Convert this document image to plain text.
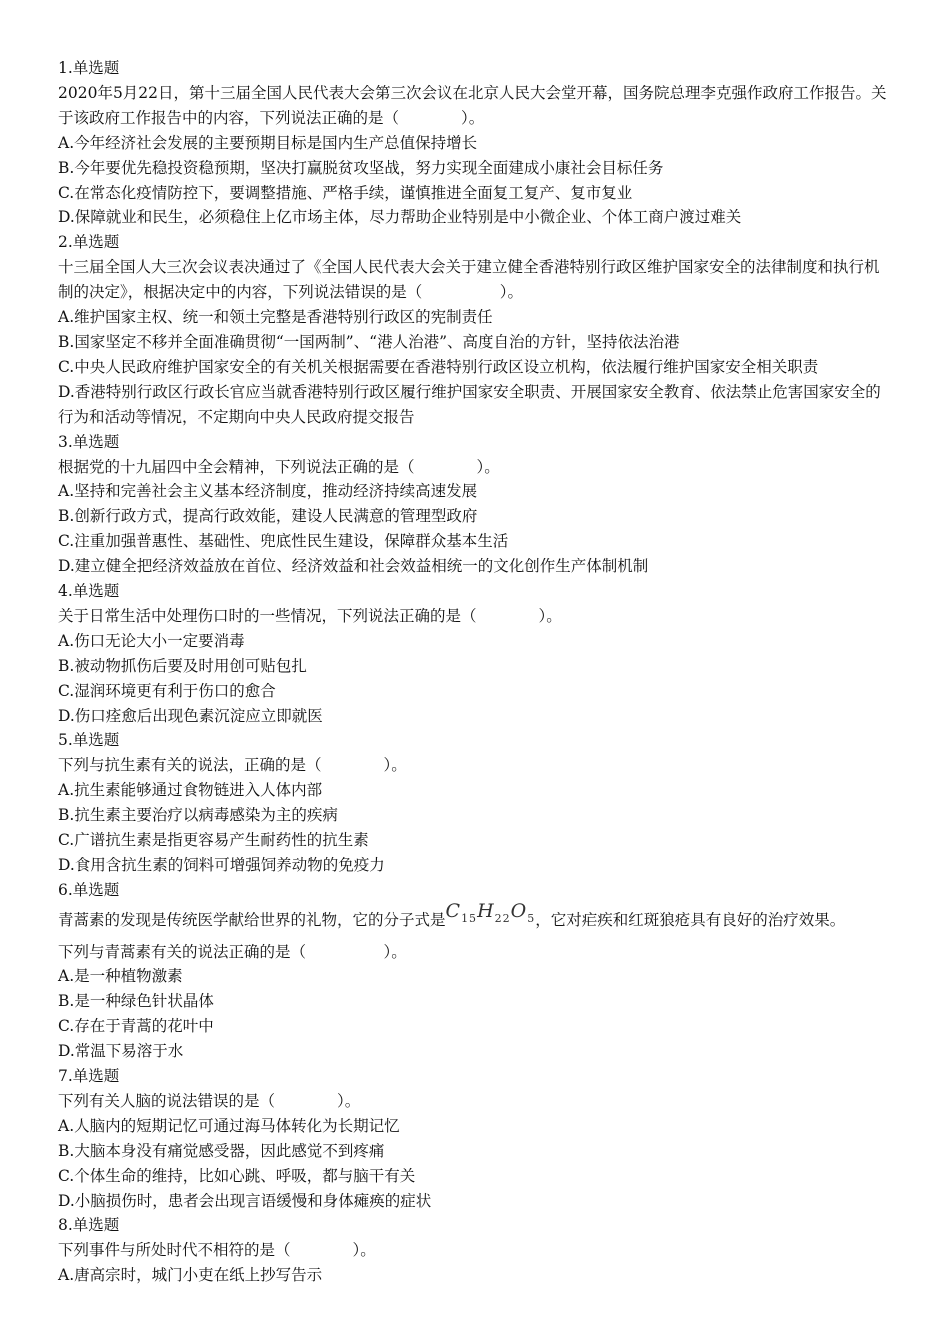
1.单选题
2020年5月22日，第十三届全国人民代表大会第三次会议在北京人民大会堂开幕，国务院总理李克强作政府工作报告。关于该政府工作报告中的内容，下列说法正确的是（　　　　）。
A.今年经济社会发展的主要预期目标是国内生产总值保持增长
B.今年要优先稳投资稳预期，坚决打赢脱贫攻坚战，努力实现全面建成小康社会目标任务
C.在常态化疫情防控下，要调整措施、严格手续，谨慎推进全面复工复产、复市复业
D.保障就业和民生，必须稳住上亿市场主体，尽力帮助企业特别是中小微企业、个体工商户渡过难关
2.单选题
十三届全国人大三次会议表决通过了《全国人民代表大会关于建立健全香港特别行政区维护国家安全的法律制度和执行机制的决定》，根据决定中的内容，下列说法错误的是（　　　　　）。
A.维护国家主权、统一和领土完整是香港特别行政区的宪制责任
B.国家坚定不移并全面准确贯彻“一国两制”、“港人治港”、高度自治的方针，坚持依法治港
C.中央人民政府维护国家安全的有关机关根据需要在香港特别行政区设立机构，依法履行维护国家安全相关职责
D.香港特别行政区行政长官应当就香港特别行政区履行维护国家安全职责、开展国家安全教育、依法禁止危害国家安全的行为和活动等情况，不定期向中央人民政府提交报告
3.单选题
根据党的十九届四中全会精神，下列说法正确的是（　　　　）。
A.坚持和完善社会主义基本经济制度，推动经济持续高速发展
B.创新行政方式，提高行政效能，建设人民满意的管理型政府
C.注重加强普惠性、基础性、兜底性民生建设，保障群众基本生活
D.建立健全把经济效益放在首位、经济效益和社会效益相统一的文化创作生产体制机制
4.单选题
关于日常生活中处理伤口时的一些情况，下列说法正确的是（　　　　）。
A.伤口无论大小一定要消毒
B.被动物抓伤后要及时用创可贴包扎
C.湿润环境更有利于伤口的愈合
D.伤口痊愈后出现色素沉淀应立即就医
5.单选题
下列与抗生素有关的说法，正确的是（　　　　）。
A.抗生素能够通过食物链进入人体内部
B.抗生素主要治疗以病毒感染为主的疾病
C.广谱抗生素是指更容易产生耐药性的抗生素
D.食用含抗生素的饲料可增强饲养动物的免疫力
6.单选题
青蒿素的发现是传统医学献给世界的礼物，它的分子式是$C_{15}H_{22}O_5$，它对疟疾和红斑狼疮具有良好的治疗效果。
下列与青蒿素有关的说法正确的是（　　　　　）。
A.是一种植物激素
B.是一种绿色针状晶体
C.存在于青蒿的花叶中
D.常温下易溶于水
7.单选题
下列有关人脑的说法错误的是（　　　　）。
A.人脑内的短期记忆可通过海马体转化为长期记忆
B.大脑本身没有痛觉感受器，因此感觉不到疼痛
C.个体生命的维持，比如心跳、呼吸，都与脑干有关
D.小脑损伤时，患者会出现言语缓慢和身体瘫痪的症状
8.单选题
下列事件与所处时代不相符的是（　　　　）。
A.唐高宗时，城门小吏在纸上抄写告示
